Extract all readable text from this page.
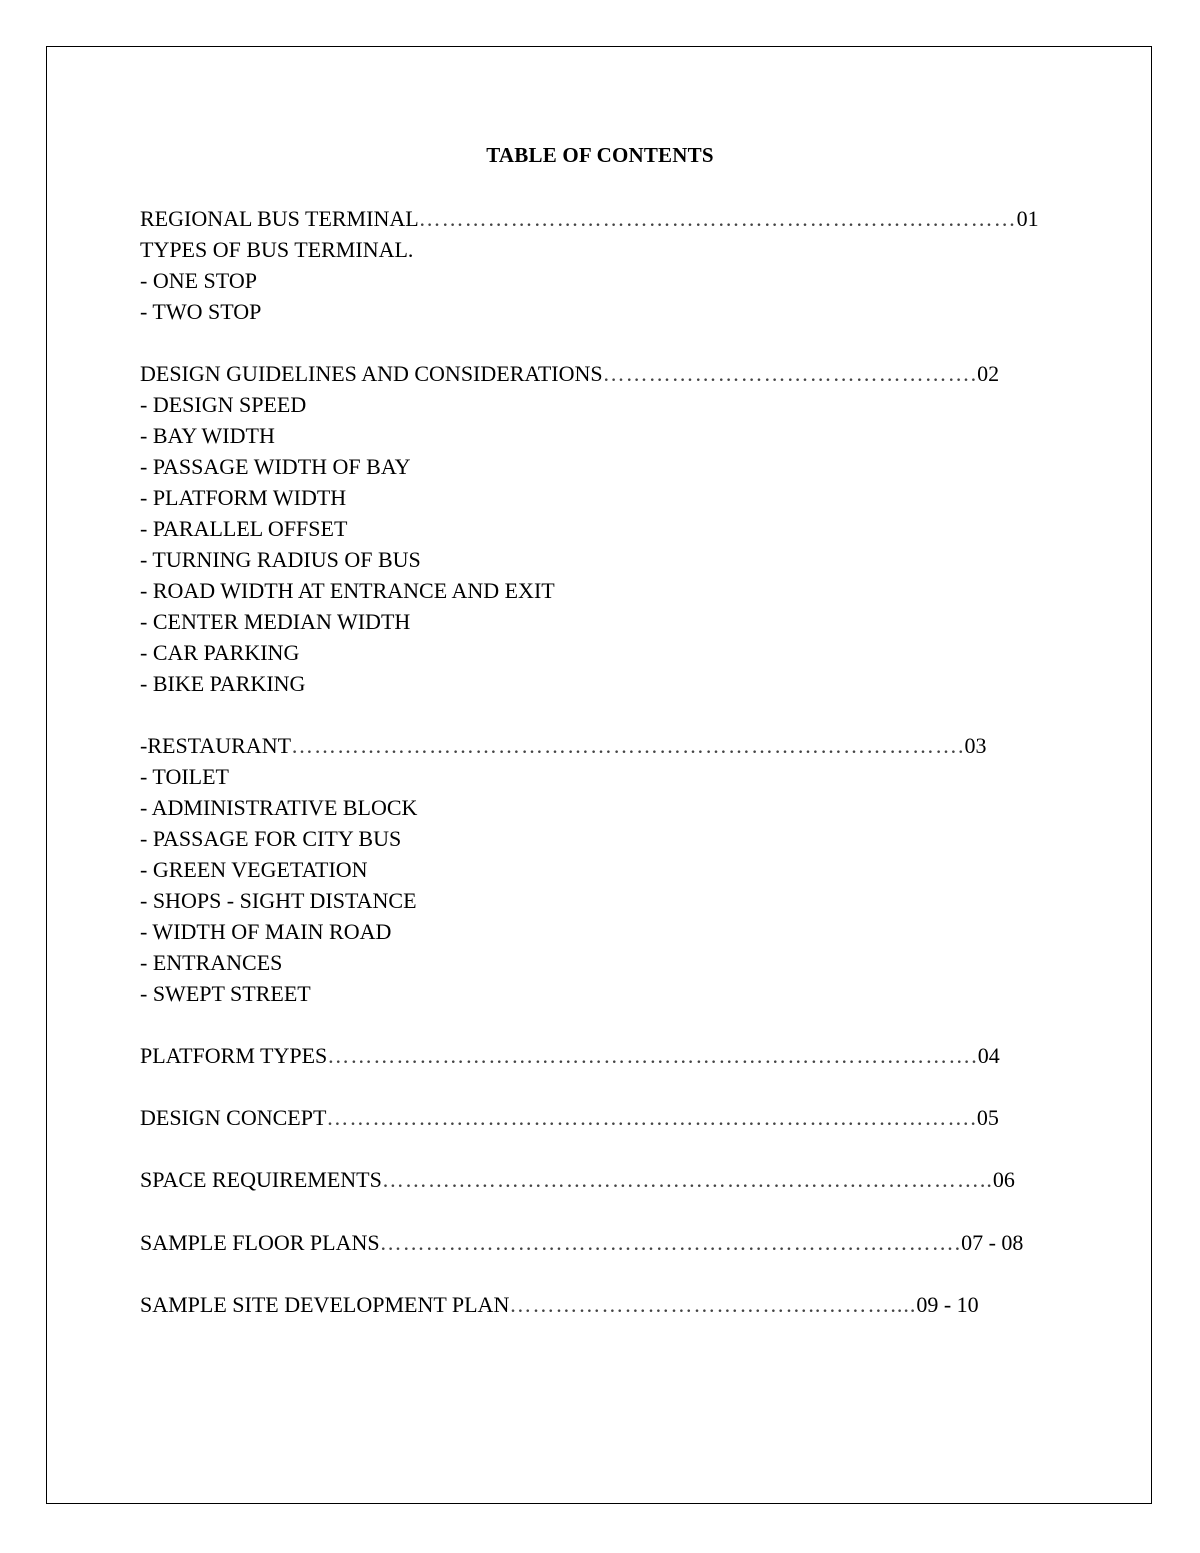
TABLE OF CONTENTS
REGIONAL BUS TERMINAL……………………………………………………………………01
TYPES OF BUS TERMINAL.
- ONE STOP
- TWO STOP
DESIGN GUIDELINES AND CONSIDERATIONS………………………………………….02
- DESIGN SPEED
- BAY WIDTH
- PASSAGE WIDTH OF BAY
- PLATFORM WIDTH
- PARALLEL OFFSET
- TURNING RADIUS OF BUS
- ROAD WIDTH AT ENTRANCE AND EXIT
- CENTER MEDIAN WIDTH
- CAR PARKING
- BIKE PARKING
-RESTAURANT…………………………………………………………………………….03
- TOILET
- ADMINISTRATIVE BLOCK
- PASSAGE FOR CITY BUS
- GREEN VEGETATION
- SHOPS - SIGHT DISTANCE
- WIDTH OF MAIN ROAD
- ENTRANCES
- SWEPT STREET
PLATFORM TYPES………………………………………………………………………….04
DESIGN CONCEPT………………………………………………………………………….05
SPACE REQUIREMENTS……………………………………………………………………..06
SAMPLE FLOOR PLANS………………………………………………………………….07 - 08
SAMPLE SITE DEVELOPMENT PLAN…………………………………..………....09 - 10
